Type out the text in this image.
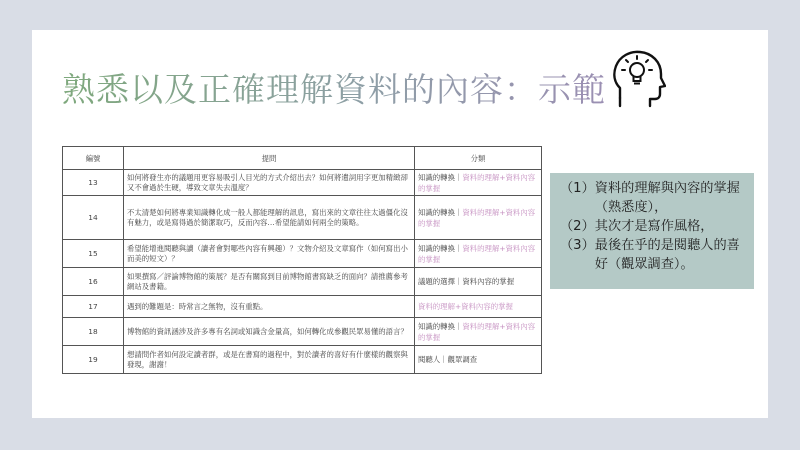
熟悉以及正確理解資料的內容：示範
編號	提問	分類
13	如何將發生亦的議題用更容易吸引人目光的方式介紹出去？如何將遺詞用字更加精緻卻又不會過於生硬，導致文章失去溫度？	知識的轉換｜資料的理解+資料內容的掌握
14	不太清楚如何將專業知識轉化成一般人都能理解的訊息，寫出來的文章往往太過僵化沒有魅力，或是寫得過於簡潔取巧，反而內容…希望能請如何兩全的策略。	知識的轉換｜資料的理解+資料內容的掌握
15	希望能增進閱聽與讀（讀者會對哪些內容有興趣）？文物介紹及文章寫作（如何寫出小而美的短文）？	知識的轉換｜資料的理解+資料內容的掌握
16	如果撰寫／評論博物館的策展？是否有關寫到目前博物館書寫缺乏的面向？請推薦參考網站及書籍。	議題的選擇｜資料內容的掌握
17	遇到的難題是：時常言之無物，沒有重點。	資料的理解+資料內容的掌握
18	博物館的資訊涵涉及許多專有名詞或知識含金量高，如何轉化成參觀民眾易懂的語言？	知識的轉換｜資料的理解+資料內容的掌握
19	想請問作者如何設定讀者群，或是在書寫的過程中，對於讀者的喜好有什麼樣的觀察與發現，謝謝！	閱聽人｜觀眾調查
（1） 資料的理解與內容的掌握（熟悉度），
（2） 其次才是寫作風格，
（3） 最後在乎的是閱聽人的喜好（觀眾調查）。
